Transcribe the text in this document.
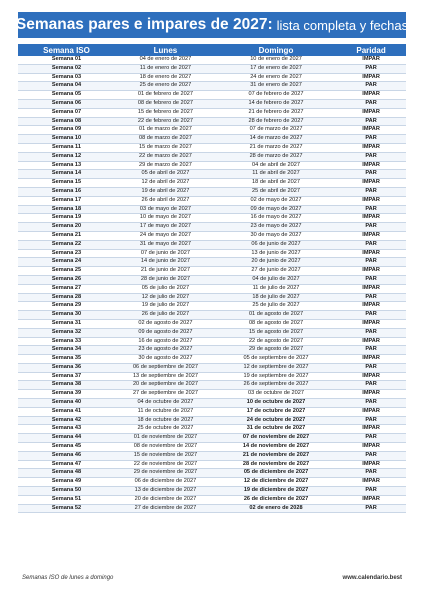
Semanas pares e impares de 2027: lista completa y fechas
Semana ISO	Lunes	Domingo	Paridad
Semana 01	04 de enero de 2027	10 de enero de 2027	IMPAR
Semana 02	11 de enero de 2027	17 de enero de 2027	PAR
Semana 03	18 de enero de 2027	24 de enero de 2027	IMPAR
Semana 04	25 de enero de 2027	31 de enero de 2027	PAR
Semana 05	01 de febrero de 2027	07 de febrero de 2027	IMPAR
Semana 06	08 de febrero de 2027	14 de febrero de 2027	PAR
Semana 07	15 de febrero de 2027	21 de febrero de 2027	IMPAR
Semana 08	22 de febrero de 2027	28 de febrero de 2027	PAR
Semana 09	01 de marzo de 2027	07 de marzo de 2027	IMPAR
Semana 10	08 de marzo de 2027	14 de marzo de 2027	PAR
Semana 11	15 de marzo de 2027	21 de marzo de 2027	IMPAR
Semana 12	22 de marzo de 2027	28 de marzo de 2027	PAR
Semana 13	29 de marzo de 2027	04 de abril de 2027	IMPAR
Semana 14	05 de abril de 2027	11 de abril de 2027	PAR
Semana 15	12 de abril de 2027	18 de abril de 2027	IMPAR
Semana 16	19 de abril de 2027	25 de abril de 2027	PAR
Semana 17	26 de abril de 2027	02 de mayo de 2027	IMPAR
Semana 18	03 de mayo de 2027	09 de mayo de 2027	PAR
Semana 19	10 de mayo de 2027	16 de mayo de 2027	IMPAR
Semana 20	17 de mayo de 2027	23 de mayo de 2027	PAR
Semana 21	24 de mayo de 2027	30 de mayo de 2027	IMPAR
Semana 22	31 de mayo de 2027	06 de junio de 2027	PAR
Semana 23	07 de junio de 2027	13 de junio de 2027	IMPAR
Semana 24	14 de junio de 2027	20 de junio de 2027	PAR
Semana 25	21 de junio de 2027	27 de junio de 2027	IMPAR
Semana 26	28 de junio de 2027	04 de julio de 2027	PAR
Semana 27	05 de julio de 2027	11 de julio de 2027	IMPAR
Semana 28	12 de julio de 2027	18 de julio de 2027	PAR
Semana 29	19 de julio de 2027	25 de julio de 2027	IMPAR
Semana 30	26 de julio de 2027	01 de agosto de 2027	PAR
Semana 31	02 de agosto de 2027	08 de agosto de 2027	IMPAR
Semana 32	09 de agosto de 2027	15 de agosto de 2027	PAR
Semana 33	16 de agosto de 2027	22 de agosto de 2027	IMPAR
Semana 34	23 de agosto de 2027	29 de agosto de 2027	PAR
Semana 35	30 de agosto de 2027	05 de septiembre de 2027	IMPAR
Semana 36	06 de septiembre de 2027	12 de septiembre de 2027	PAR
Semana 37	13 de septiembre de 2027	19 de septiembre de 2027	IMPAR
Semana 38	20 de septiembre de 2027	26 de septiembre de 2027	PAR
Semana 39	27 de septiembre de 2027	03 de octubre de 2027	IMPAR
Semana 40	04 de octubre de 2027	10 de octubre de 2027	PAR
Semana 41	11 de octubre de 2027	17 de octubre de 2027	IMPAR
Semana 42	18 de octubre de 2027	24 de octubre de 2027	PAR
Semana 43	25 de octubre de 2027	31 de octubre de 2027	IMPAR
Semana 44	01 de noviembre de 2027	07 de noviembre de 2027	PAR
Semana 45	08 de noviembre de 2027	14 de noviembre de 2027	IMPAR
Semana 46	15 de noviembre de 2027	21 de noviembre de 2027	PAR
Semana 47	22 de noviembre de 2027	28 de noviembre de 2027	IMPAR
Semana 48	29 de noviembre de 2027	05 de diciembre de 2027	PAR
Semana 49	06 de diciembre de 2027	12 de diciembre de 2027	IMPAR
Semana 50	13 de diciembre de 2027	19 de diciembre de 2027	PAR
Semana 51	20 de diciembre de 2027	26 de diciembre de 2027	IMPAR
Semana 52	27 de diciembre de 2027	02 de enero de 2028	PAR
Semanas ISO de lunes a domingo	www.calendario.best
